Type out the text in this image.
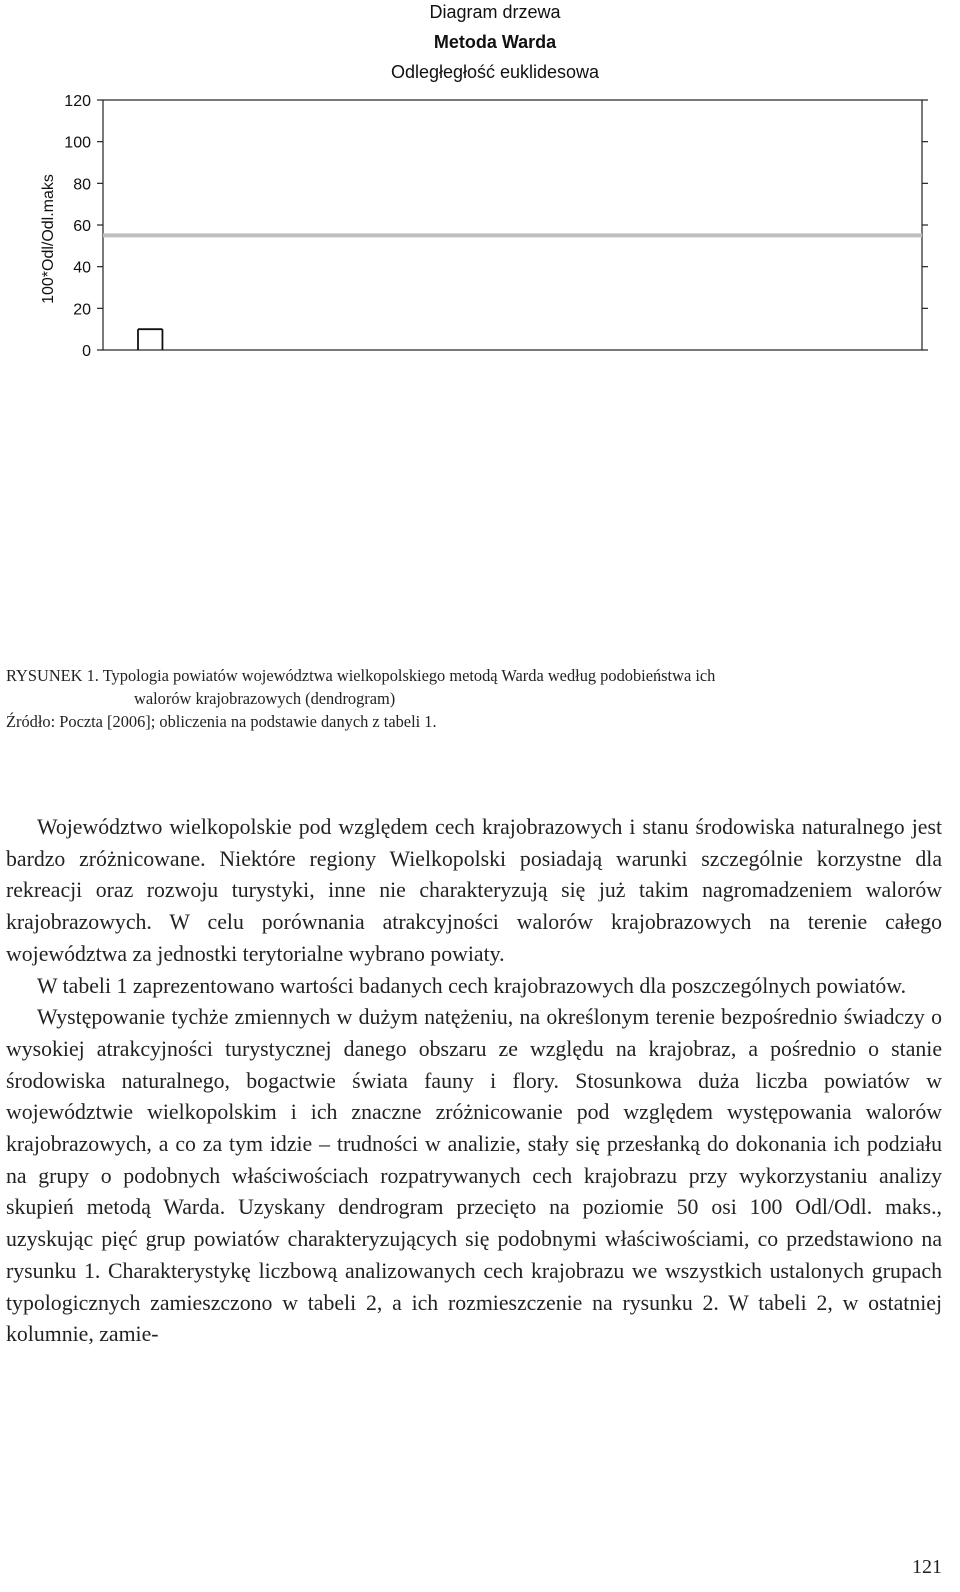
Diagram drzewa
Metoda Warda
Odległegłość euklidesowa
0
20
40
60
80
100
120
100*Odl/Odl.maks
RYSUNEK 1. Typologia powiatów województwa wielkopolskiego metodą Warda według podobieństwa ich
walorów krajobrazowych (dendrogram)
Źródło: Poczta [2006]; obliczenia na podstawie danych z tabeli 1.

Województwo wielkopolskie pod względem cech krajobrazowych i stanu środowiska naturalnego jest bardzo zróżnicowane. Niektóre regiony Wielkopolski posiadają warunki szczególnie korzystne dla rekreacji oraz rozwoju turystyki, inne nie charakteryzują się już takim nagromadzeniem walorów krajobrazowych. W celu porównania atrakcyjności walorów krajobrazowych na terenie całego województwa za jednostki terytorialne wybrano powiaty.

W tabeli 1 zaprezentowano wartości badanych cech krajobrazowych dla poszczególnych powiatów.

Występowanie tychże zmiennych w dużym natężeniu, na określonym terenie bezpośrednio świadczy o wysokiej atrakcyjności turystycznej danego obszaru ze względu na krajobraz, a pośrednio o stanie środowiska naturalnego, bogactwie świata fauny i flory. Stosunkowa duża liczba powiatów w województwie wielkopolskim i ich znaczne zróżnicowanie pod względem występowania walorów krajobrazowych, a co za tym idzie – trudności w analizie, stały się przesłanką do dokonania ich podziału na grupy o podobnych właściwościach rozpatrywanych cech krajobrazu przy wykorzystaniu analizy skupień metodą Warda. Uzyskany dendrogram przecięto na poziomie 50 osi 100 Odl/Odl. maks., uzyskując pięć grup powiatów charakteryzujących się podobnymi właściwościami, co przedstawiono na rysunku 1. Charakterystykę liczbową analizowanych cech krajobrazu we wszystkich ustalonych grupach typologicznych zamieszczono w tabeli 2, a ich rozmieszczenie na rysunku 2. W tabeli 2, w ostatniej kolumnie, zamie-

121
